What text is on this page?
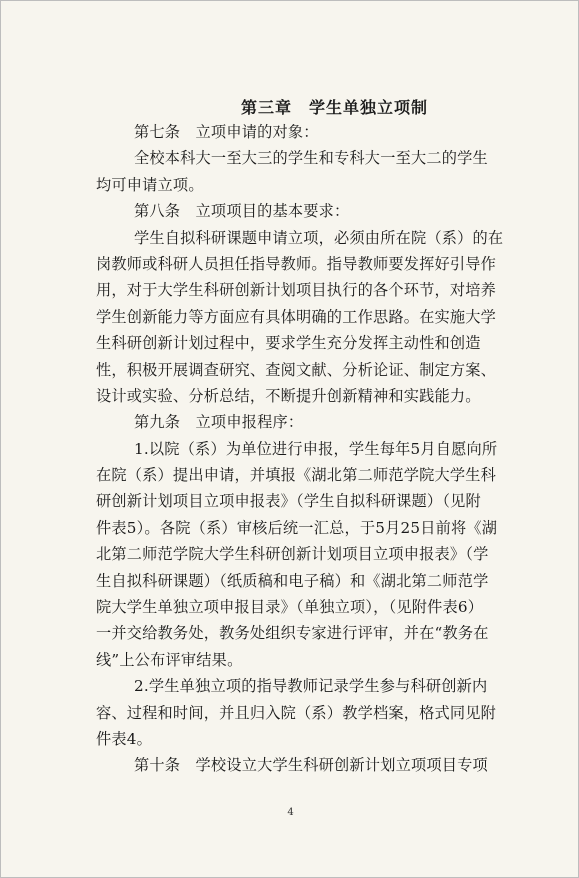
第三章　学生单独立项制
第七条　立项申请的对象：
全校本科大一至大三的学生和专科大一至大二的学生
均可申请立项。
第八条　立项项目的基本要求：
学生自拟科研课题申请立项，必须由所在院（系）的在
岗教师或科研人员担任指导教师。指导教师要发挥好引导作
用，对于大学生科研创新计划项目执行的各个环节，对培养
学生创新能力等方面应有具体明确的工作思路。在实施大学
生科研创新计划过程中，要求学生充分发挥主动性和创造
性，积极开展调查研究、查阅文献、分析论证、制定方案、
设计或实验、分析总结，不断提升创新精神和实践能力。
第九条　立项申报程序：
1.以院（系）为单位进行申报，学生每年5月自愿向所
在院（系）提出申请，并填报《湖北第二师范学院大学生科
研创新计划项目立项申报表》（学生自拟科研课题）（见附
件表5）。各院（系）审核后统一汇总，于5月25日前将《湖
北第二师范学院大学生科研创新计划项目立项申报表》（学
生自拟科研课题）（纸质稿和电子稿）和《湖北第二师范学
院大学生单独立项申报目录》（单独立项），（见附件表6）
一并交给教务处，教务处组织专家进行评审，并在“教务在
线”上公布评审结果。
2.学生单独立项的指导教师记录学生参与科研创新内
容、过程和时间，并且归入院（系）教学档案，格式同见附
件表4。
第十条　学校设立大学生科研创新计划立项项目专项
4
